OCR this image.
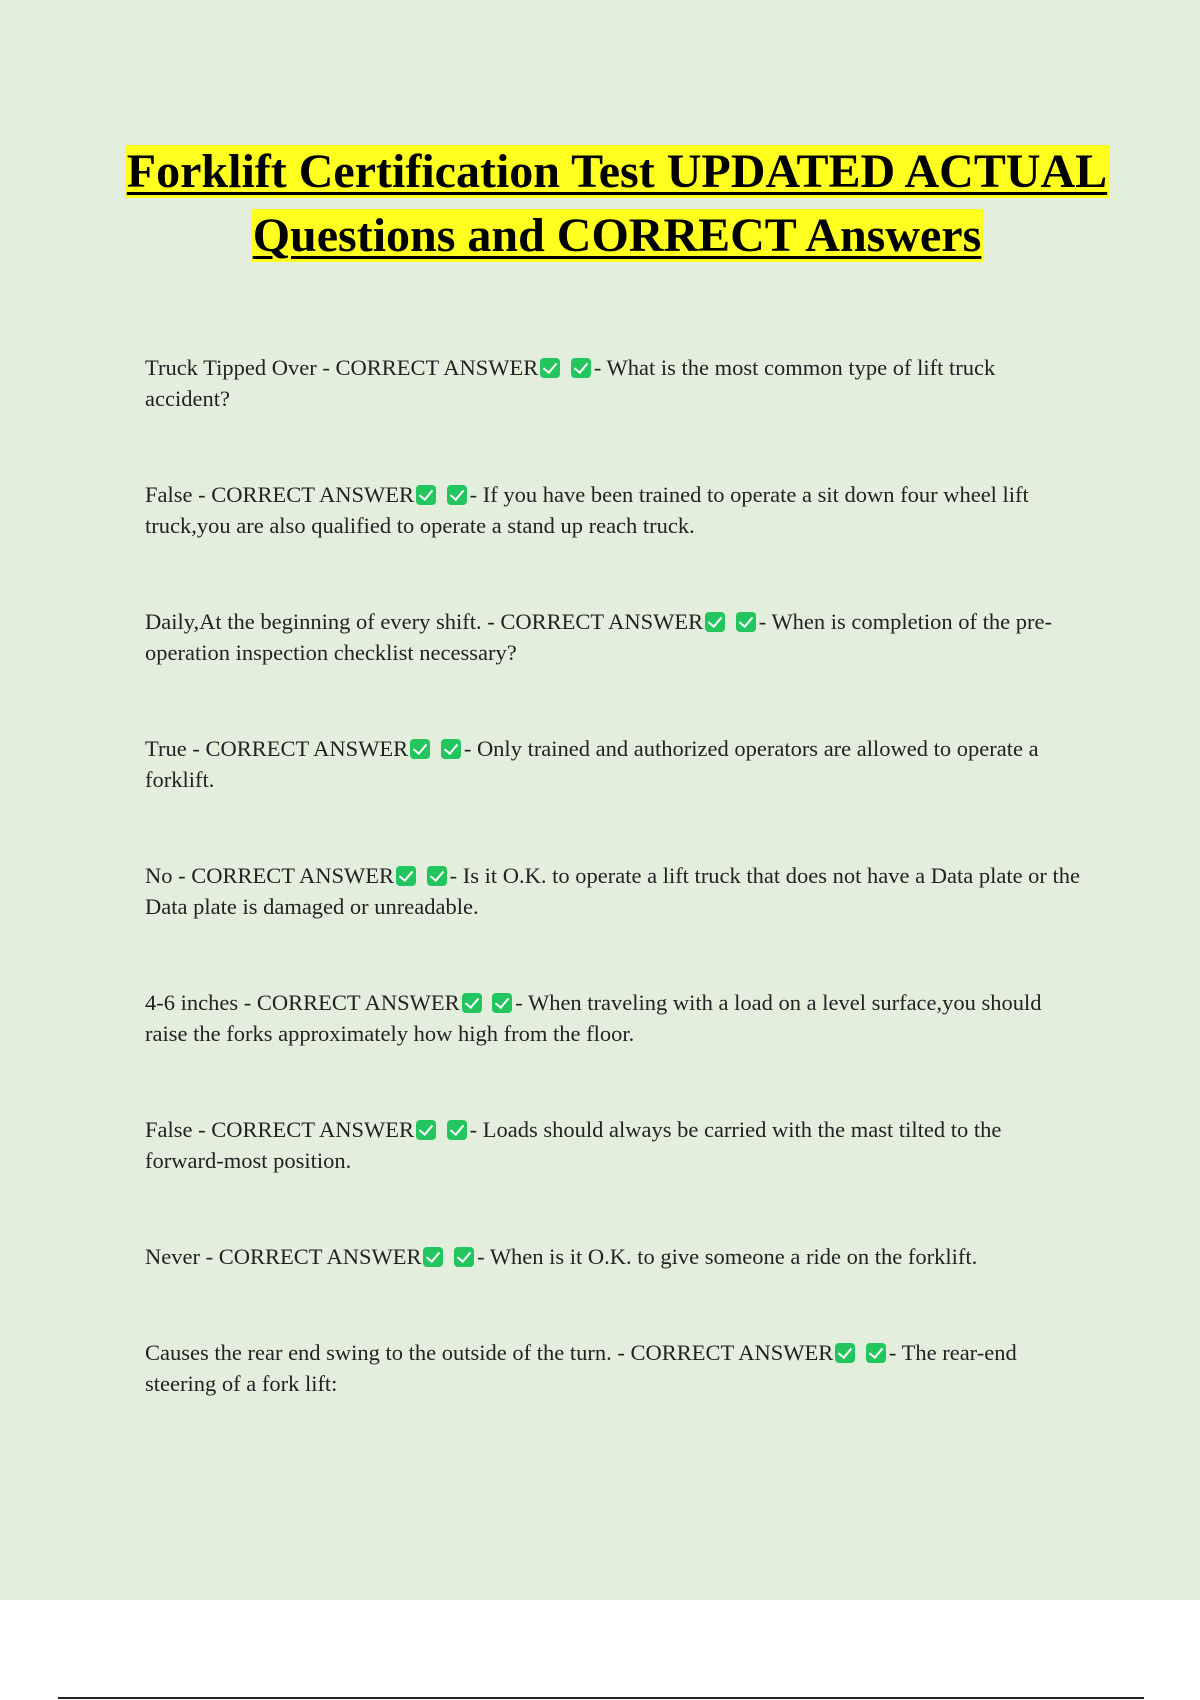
Forklift Certification Test UPDATED ACTUAL Questions and CORRECT Answers
Truck Tipped Over - CORRECT ANSWER - What is the most common type of lift truck accident?
False - CORRECT ANSWER - If you have been trained to operate a sit down four wheel lift truck,you are also qualified to operate a stand up reach truck.
Daily,At the beginning of every shift. - CORRECT ANSWER - When is completion of the pre-operation inspection checklist necessary?
True - CORRECT ANSWER - Only trained and authorized operators are allowed to operate a forklift.
No - CORRECT ANSWER - Is it O.K. to operate a lift truck that does not have a Data plate or the Data plate is damaged or unreadable.
4-6 inches - CORRECT ANSWER - When traveling with a load on a level surface,you should raise the forks approximately how high from the floor.
False - CORRECT ANSWER - Loads should always be carried with the mast tilted to the forward-most position.
Never - CORRECT ANSWER - When is it O.K. to give someone a ride on the forklift.
Causes the rear end swing to the outside of the turn. - CORRECT ANSWER - The rear-end steering of a fork lift:
